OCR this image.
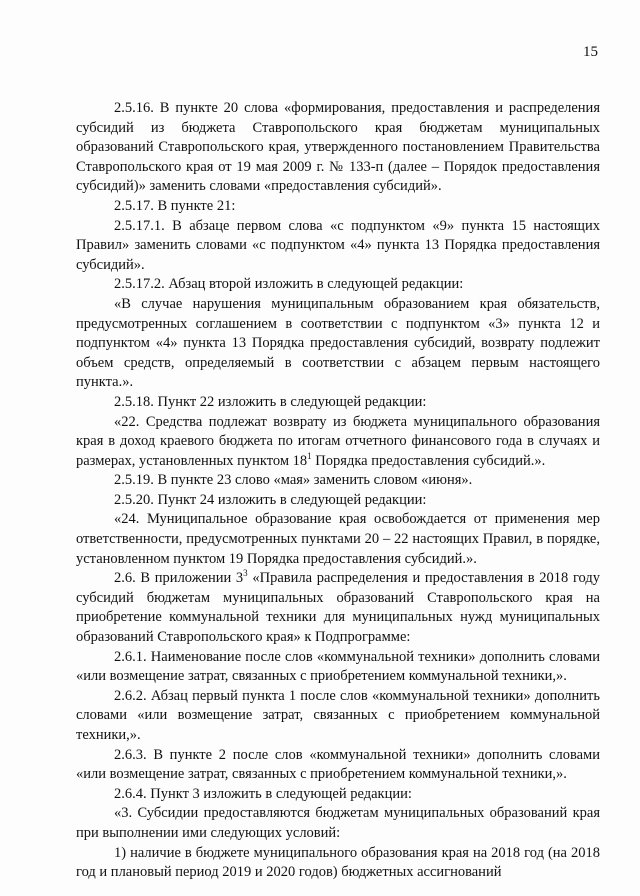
15

2.5.16. В пункте 20 слова «формирования, предоставления и распределения субсидий из бюджета Ставропольского края бюджетам муниципальных образований Ставропольского края, утвержденного постановлением Правительства Ставропольского края от 19 мая 2009 г. № 133-п (далее – Порядок предоставления субсидий)» заменить словами «предоставления субсидий».

2.5.17. В пункте 21:

2.5.17.1. В абзаце первом слова «с подпунктом «9» пункта 15 настоящих Правил» заменить словами «с подпунктом «4» пункта 13 Порядка предоставления субсидий».

2.5.17.2. Абзац второй изложить в следующей редакции:

«В случае нарушения муниципальным образованием края обязательств, предусмотренных соглашением в соответствии с подпунктом «3» пункта 12 и подпунктом «4» пункта 13 Порядка предоставления субсидий, возврату подлежит объем средств, определяемый в соответствии с абзацем первым настоящего пункта.».

2.5.18. Пункт 22 изложить в следующей редакции:

«22. Средства подлежат возврату из бюджета муниципального образования края в доход краевого бюджета по итогам отчетного финансового года в случаях и размерах, установленных пунктом $18^1$ Порядка предоставления субсидий.».

2.5.19. В пункте 23 слово «мая» заменить словом «июня».

2.5.20. Пункт 24 изложить в следующей редакции:

«24. Муниципальное образование края освобождается от применения мер ответственности, предусмотренных пунктами 20 – 22 настоящих Правил, в порядке, установленном пунктом 19 Порядка предоставления субсидий.».

2.6. В приложении $3^3$ «Правила распределения и предоставления в 2018 году субсидий бюджетам муниципальных образований Ставропольского края на приобретение коммунальной техники для муниципальных нужд муниципальных образований Ставропольского края» к Подпрограмме:

2.6.1. Наименование после слов «коммунальной техники» дополнить словами «или возмещение затрат, связанных с приобретением коммунальной техники,».

2.6.2. Абзац первый пункта 1 после слов «коммунальной техники» дополнить словами «или возмещение затрат, связанных с приобретением коммунальной техники,».

2.6.3. В пункте 2 после слов «коммунальной техники» дополнить словами «или возмещение затрат, связанных с приобретением коммунальной техники,».

2.6.4. Пункт 3 изложить в следующей редакции:

«3. Субсидии предоставляются бюджетам муниципальных образований края при выполнении ими следующих условий:

1) наличие в бюджете муниципального образования края на 2018 год (на 2018 год и плановый период 2019 и 2020 годов) бюджетных ассигнований
